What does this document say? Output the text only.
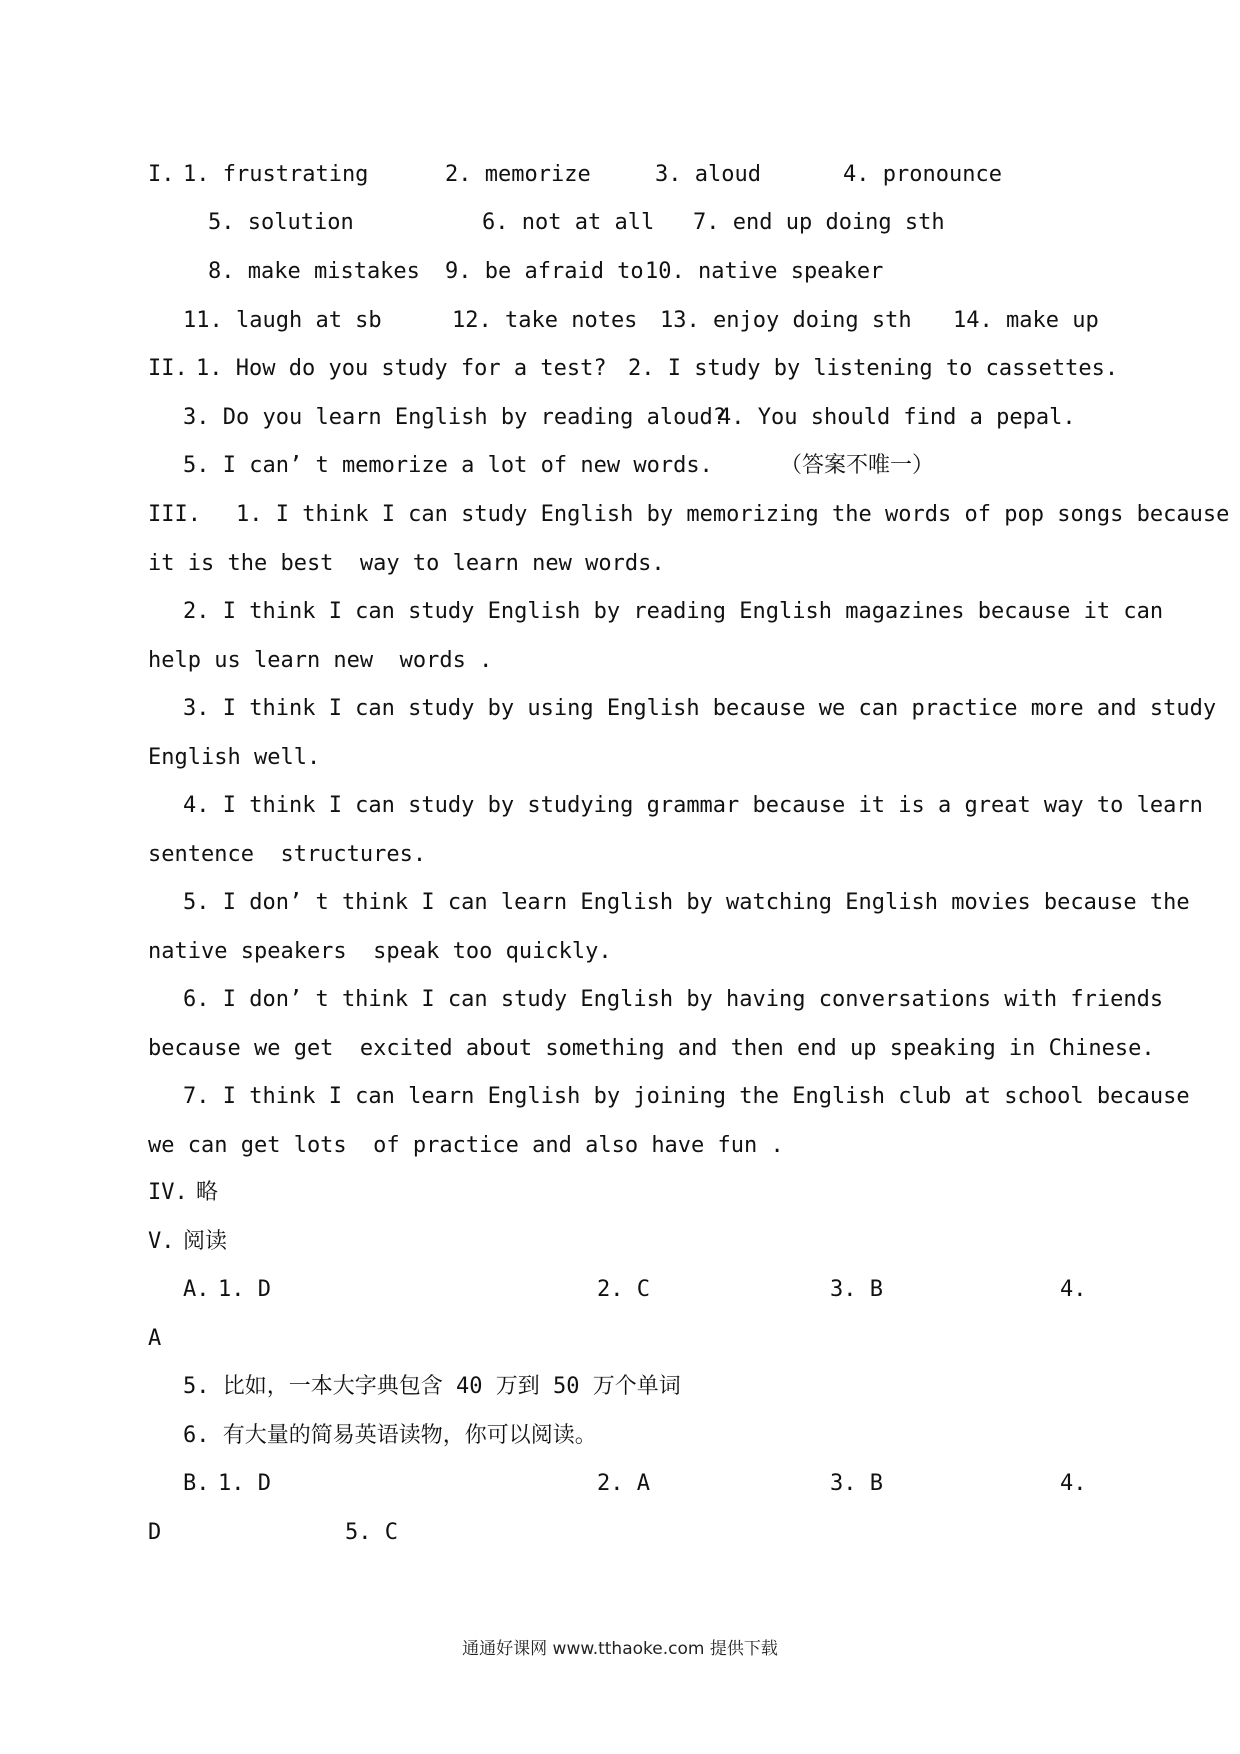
I. 1. frustrating	2. memorize	3. aloud	4. pronounce
5. solution	6. not at all 7. end up doing sth
8. make mistakes 9. be afraid to 10. native speaker
11. laugh at sb	12. take notes 13. enjoy doing sth 14. make up
II. 1. How do you study for a test? 2. I study by listening to cassettes.
3. Do you learn English by reading aloud?
4. You should find a pepal.
5. I can’ t memorize a lot of new words.	（答案不唯一）
III. 1. I think I can study English by memorizing the words of pop songs because
it is the best  way to learn new words.
2. I think I can study English by reading English magazines because it can
help us learn new  words .
3. I think I can study by using English because we can practice more and study
English well.
4. I think I can study by studying grammar because it is a great way to learn
sentence  structures.
5. I don’ t think I can learn English by watching English movies because the
native speakers  speak too quickly.
6. I don’ t think I can study English by having conversations with friends
because we get  excited about something and then end up speaking in Chinese.
7. I think I can learn English by joining the English club at school because
we can get lots  of practice and also have fun .
IV. 略
V. 阅读
A. 1. D	2. C	3. B	4.
A
5. 比如，一本大字典包含 40 万到 50 万个单词
6. 有大量的简易英语读物，你可以阅读。
B. 1. D	2. A	3. B	4.
D	5. C
通通好课网 www.tthaoke.com 提供下载
